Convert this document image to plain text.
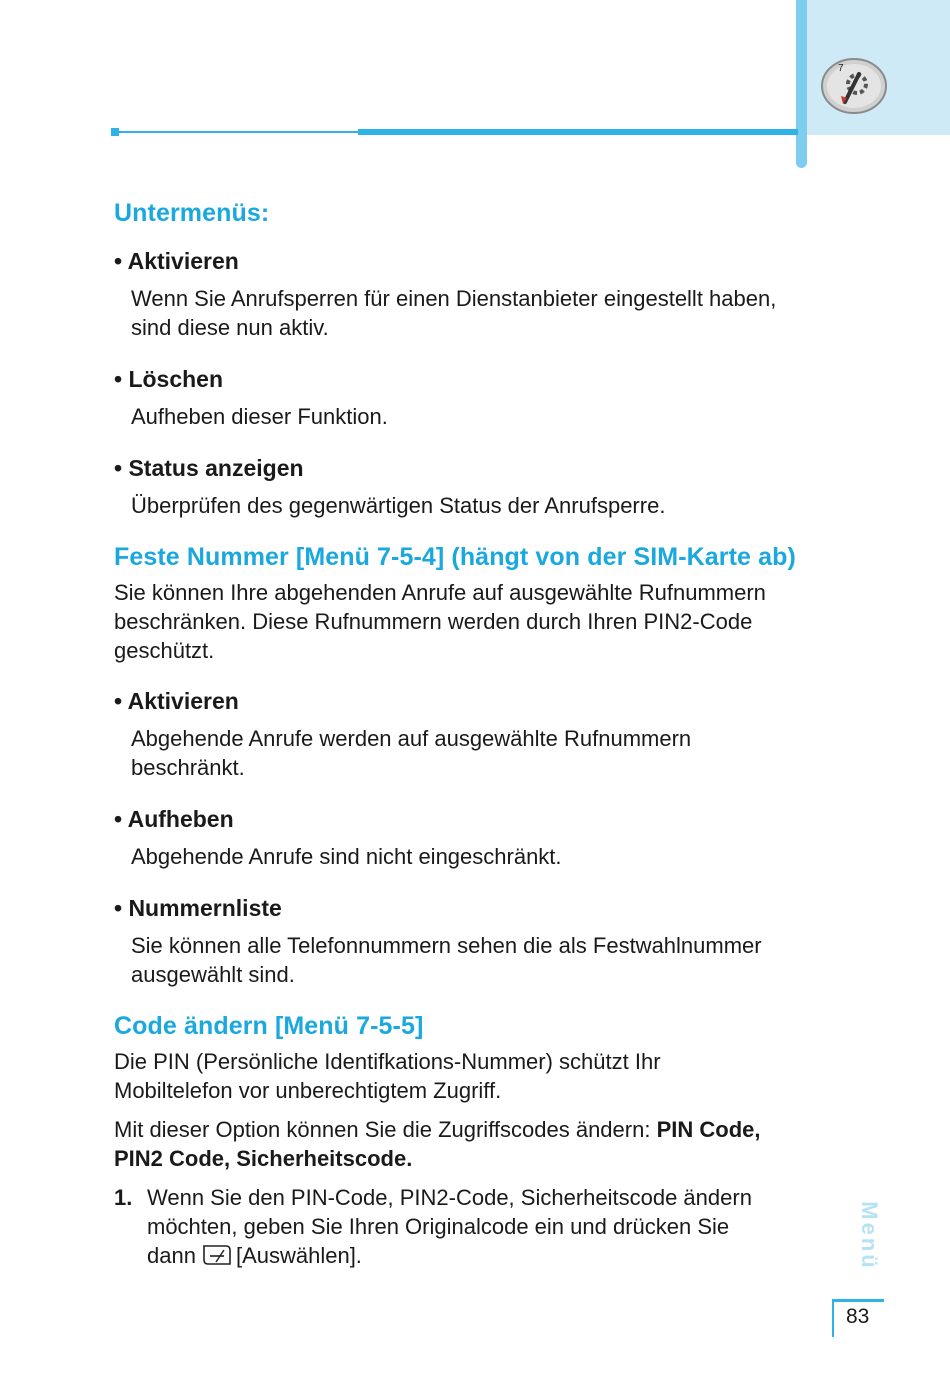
7
Untermenüs:

• Aktivieren

Wenn Sie Anrufsperren für einen Dienstanbieter eingestellt haben,

sind diese nun aktiv.

• Löschen

Aufheben dieser Funktion.

• Status anzeigen

Überprüfen des gegenwärtigen Status der Anrufsperre.

Feste Nummer [Menü 7-5-4] (hängt von der SIM-Karte ab)

Sie können Ihre abgehenden Anrufe auf ausgewählte Rufnummern

beschränken. Diese Rufnummern werden durch Ihren PIN2-Code

geschützt.

• Aktivieren

Abgehende Anrufe werden auf ausgewählte Rufnummern

beschränkt.

• Aufheben

Abgehende Anrufe sind nicht eingeschränkt.

• Nummernliste

Sie können alle Telefonnummern sehen die als Festwahlnummer

ausgewählt sind.

Code ändern [Menü 7-5-5]

Die PIN (Persönliche Identifkations-Nummer) schützt Ihr

Mobiltelefon vor unberechtigtem Zugriff.

Mit dieser Option können Sie die Zugriffscodes ändern: PIN Code,

PIN2 Code, Sicherheitscode.

1. Wenn Sie den PIN-Code, PIN2-Code, Sicherheitscode ändern
möchten, geben Sie Ihren Originalcode ein und drücken Sie
dann [Auswählen].	Menü
83
